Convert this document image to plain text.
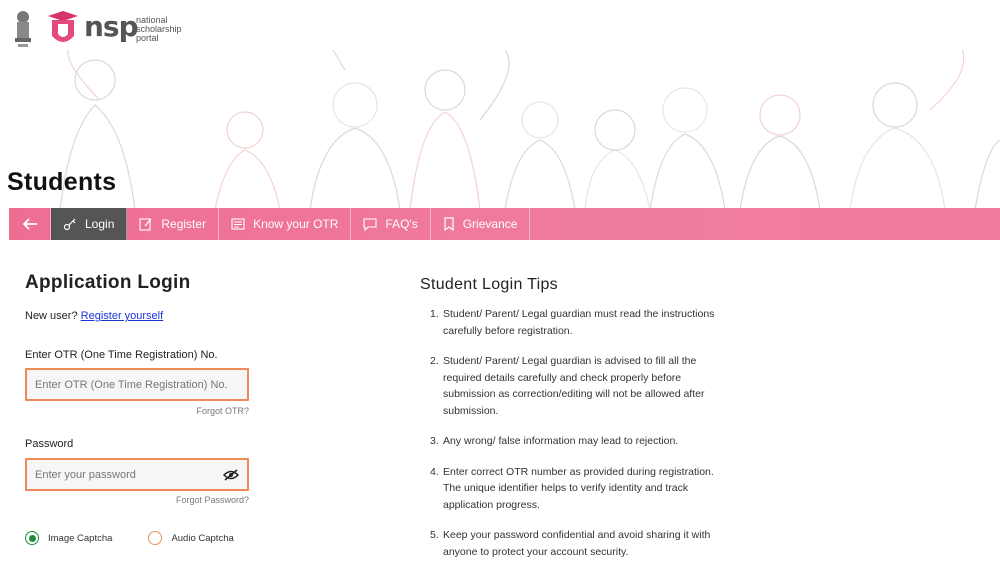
nsp
national
scholarship
portal
Students
Login	Register	Know your OTR	FAQ's	Grievance
Application Login
New user? Register yourself
Enter OTR (One Time Registration) No.
Enter OTR (One Time Registration) No.
Forgot OTR?
Password
Forgot Password?
Image Captcha	Audio Captcha
Student Login Tips
1. Student/ Parent/ Legal guardian must read the instructions carefully before registration.
2. Student/ Parent/ Legal guardian is advised to fill all the required details carefully and check properly before submission as correction/editing will not be allowed after submission.
3. Any wrong/ false information may lead to rejection.
4. Enter correct OTR number as provided during registration. The unique identifier helps to verify identity and track application progress.
5. Keep your password confidential and avoid sharing it with anyone to protect your account security.
